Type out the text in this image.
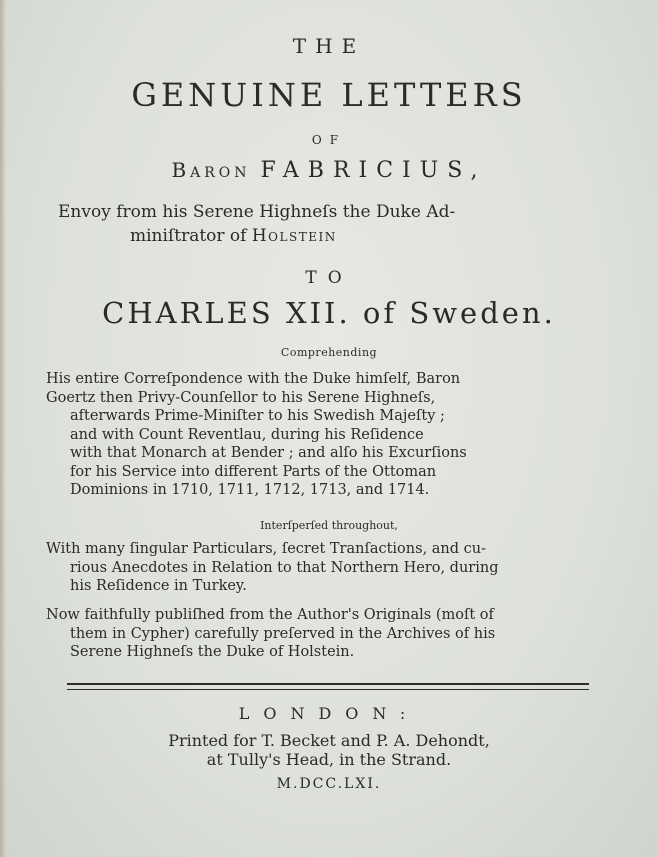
THE
GENUINE LETTERS
OF
Baron FABRICIUS,
Envoy from his Serene Highneſs the Duke Ad-
miniſtrator of Holstein
TO
CHARLES XII. of Sweden.
Comprehending
His entire Correſpondence with the Duke himſelf, Baron
Goertz then Privy-Counſellor to his Serene Highneſs,
afterwards Prime-Miniſter to his Swedish Majeſty ;
and with Count Reventlau, during his Reſidence
with that Monarch at Bender ; and alſo his Excurſions
for his Service into different Parts of the Ottoman
Dominions in 1710, 1711, 1712, 1713, and 1714.
Interſperſed throughout,
With many ſingular Particulars, ſecret Tranſactions, and cu-
rious Anecdotes in Relation to that Northern Hero, during
his Reſidence in Turkey.
Now faithfully publiſhed from the Author's Originals (moſt of
them in Cypher) carefully preſerved in the Archives of his
Serene Highneſs the Duke of Holstein.
LONDON:
Printed for T. Becket and P. A. Dehondt,
at Tully's Head, in the Strand.
M.DCC.LXI.
